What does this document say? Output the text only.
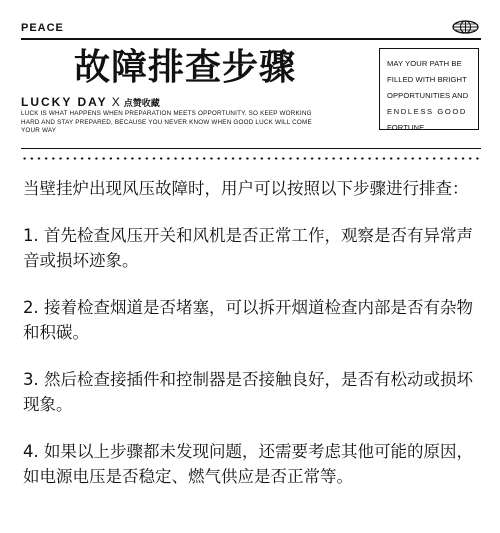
PEACE
故障排查步骤
LUCKY DAY X 点赞收藏
LUCK IS WHAT HAPPENS WHEN PREPARATION MEETS OPPORTUNITY. SO KEEP WORKING HARD AND STAY PREPARED, BECAUSE YOU NEVER KNOW WHEN GOOD LUCK WILL COME YOUR WAY
MAY YOUR PATH BE
FILLED WITH BRIGHT
OPPORTUNITIES AND
ENDLESS GOOD
FORTUNE

当壁挂炉出现风压故障时，用户可以按照以下步骤进行排查：

1. 首先检查风压开关和风机是否正常工作，观察是否有异常声音或损坏迹象。

2. 接着检查烟道是否堵塞，可以拆开烟道检查内部是否有杂物和积碳。

3. 然后检查接插件和控制器是否接触良好，是否有松动或损坏现象。

4. 如果以上步骤都未发现问题，还需要考虑其他可能的原因，如电源电压是否稳定、燃气供应是否正常等。
